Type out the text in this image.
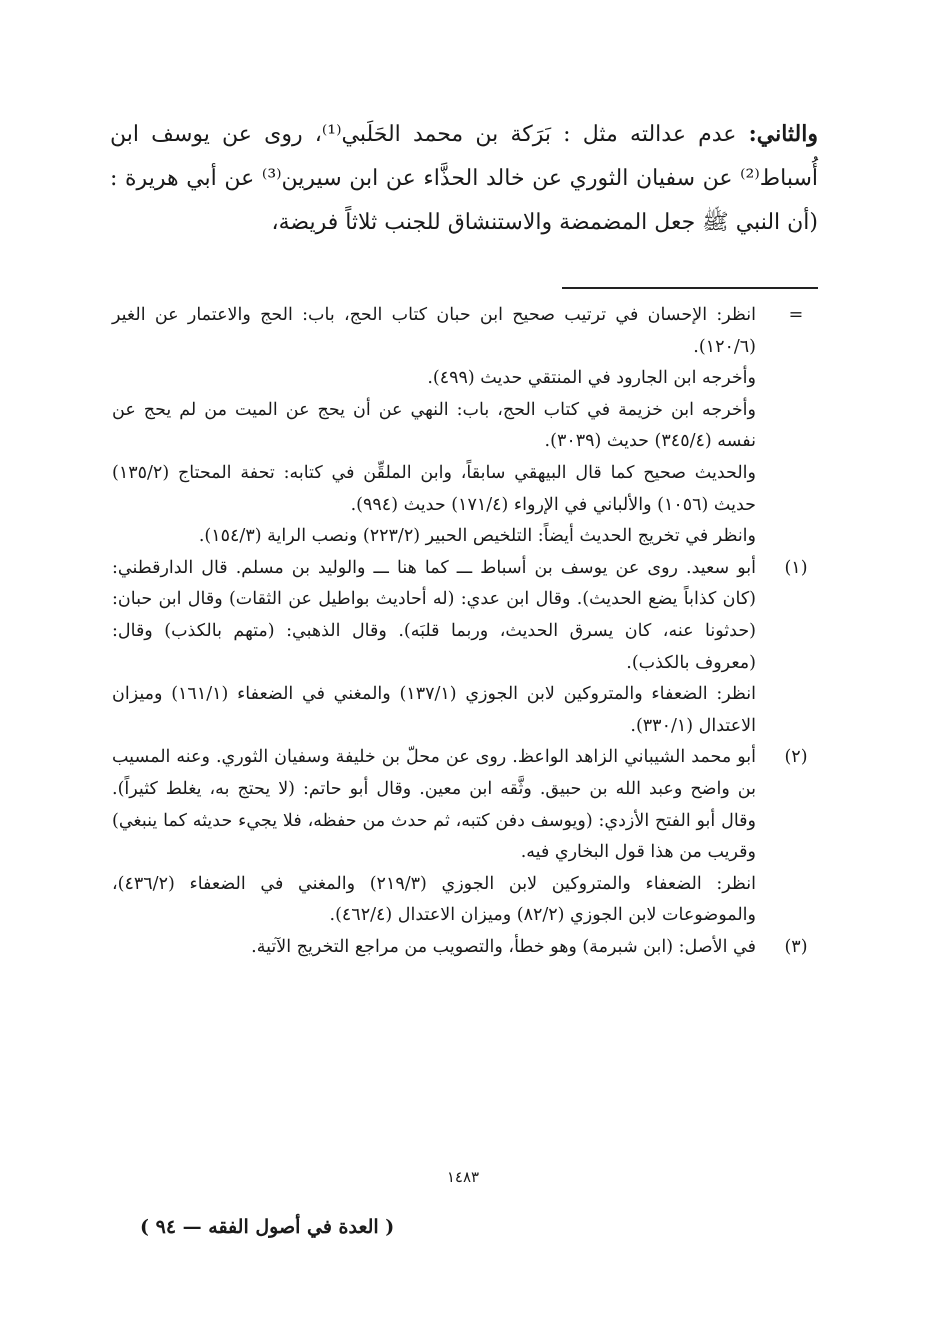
والثاني: عدم عدالته مثل : بَرَكة بن محمد الحَلَبي⁽¹⁾، روى عن يوسف ابن أُسباط⁽²⁾ عن سفيان الثوري عن خالد الحذَّاء عن ابن سيرين⁽³⁾ عن أبي هريرة : (أن النبي ﷺ جعل المضمضة والاستنشاق للجنب ثلاثاً فريضة،
=

انظر: الإحسان في ترتيب صحيح ابن حبان كتاب الحج، باب: الحج والاعتمار عن الغير (١٢٠/٦).

وأخرجه ابن الجارود في المنتقي حديث (٤٩٩).

وأخرجه ابن خزيمة في كتاب الحج، باب: النهي عن أن يحج عن الميت من لم يحج عن نفسه (٣٤٥/٤) حديث (٣٠٣٩).

والحديث صحيح كما قال البيهقي سابقاً، وابن الملقِّن في كتابه: تحفة المحتاج (١٣٥/٢) حديث (١٠٥٦) والألباني في الإرواء (١٧١/٤) حديث (٩٩٤).

وانظر في تخريج الحديث أيضاً: التلخيص الحبير (٢٢٣/٢) ونصب الراية (١٥٤/٣).

(١)

أبو سعيد. روى عن يوسف بن أسباط ـــ كما هنا ـــ والوليد بن مسلم. قال الدارقطني: (كان كذاباً يضع الحديث). وقال ابن عدي: (له أحاديث بواطيل عن الثقات) وقال ابن حبان: (حدثونا عنه، كان يسرق الحديث، وربما قلبَه). وقال الذهبي: (متهم بالكذب) وقال: (معروف بالكذب).

انظر: الضعفاء والمتروكين لابن الجوزي (١٣٧/١) والمغني في الضعفاء (١٦١/١) وميزان الاعتدال (٣٣٠/١).

(٢)

أبو محمد الشيباني الزاهد الواعظ. روى عن محلّ بن خليفة وسفيان الثوري. وعنه المسيب بن واضح وعبد الله بن حبيق. وثَّقه ابن معين. وقال أبو حاتم: (لا يحتج به، يغلط كثيراً). وقال أبو الفتح الأزدي: (ويوسف دفن كتبه، ثم حدث من حفظه، فلا يجيء حديثه كما ينبغي) وقريب من هذا قول البخاري فيه.

انظر: الضعفاء والمتروكين لابن الجوزي (٢١٩/٣) والمغني في الضعفاء (٤٣٦/٢)، والموضوعات لابن الجوزي (٨٢/٢) وميزان الاعتدال (٤٦٢/٤).

(٣)

في الأصل: (ابن شبرمة) وهو خطأ، والتصويب من مراجع التخريج الآتية.

١٤٨٣
( العدة في أصول الفقه — ٩٤ )
